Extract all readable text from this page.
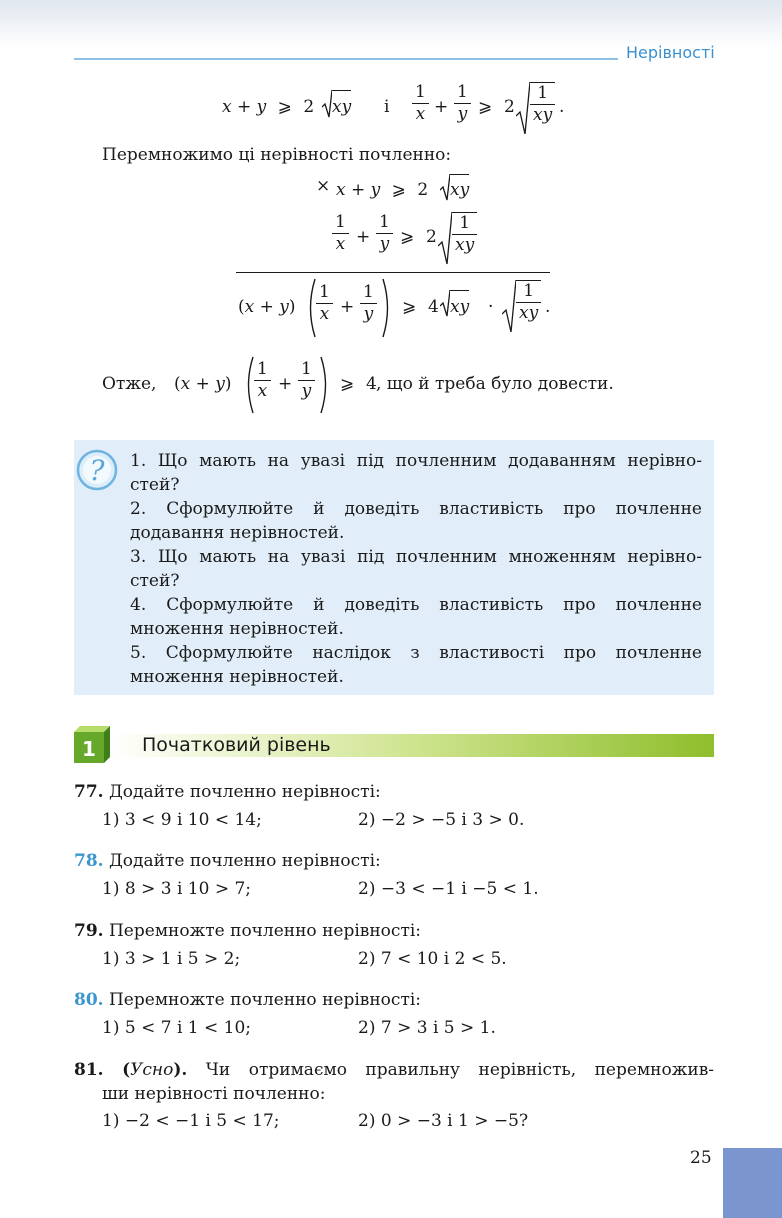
Нерівності
x + y ⩾ 2 xy і $\frac{1}{x} + \frac{1}{y}$ ⩾ $2 \frac{1}{xy}$ .
Перемножимо ці нерівності почленно:
× x + y ⩾ 2 xy
$\frac{1}{x} + \frac{1}{y}$ ⩾ $2 \frac{1}{xy}$
$(x + y) \frac{1}{x} + \frac{1}{y}$ ⩾ 4 xy · $\frac{1}{xy}$ .
Отже, $(x + y) \frac{1}{x} + \frac{1}{y}$ ⩾ 4 , що й треба було довести.
? 1. Що мають на увазі під почленним додаванням нерівно-
стей?
2. Сформулюйте й доведіть властивість про почленне
додавання нерівностей.
3. Що мають на увазі під почленним множенням нерівно-
стей?
4. Сформулюйте й доведіть властивість про почленне
множення нерівностей.
5. Сформулюйте наслідок з властивості про почленне
множення нерівностей.
1 Початковий рівень
77. Додайте почленно нерівності:
1) 3 < 9 і 10 < 14;	2) −2 > −5 і 3 > 0.
78. Додайте почленно нерівності:
1) 8 > 3 і 10 > 7;	2) −3 < −1 і −5 < 1.
79. Перемножте почленно нерівності:
1) 3 > 1 і 5 > 2;	2) 7 < 10 і 2 < 5.
80. Перемножте почленно нерівності:
1) 5 < 7 і 1 < 10;	2) 7 > 3 і 5 > 1.
81. (Усно). Чи отримаємо правильну нерівність, перемножив-
ши нерівності почленно:
1) −2 < −1 і 5 < 17;	2) 0 > −3 і 1 > −5?
25
